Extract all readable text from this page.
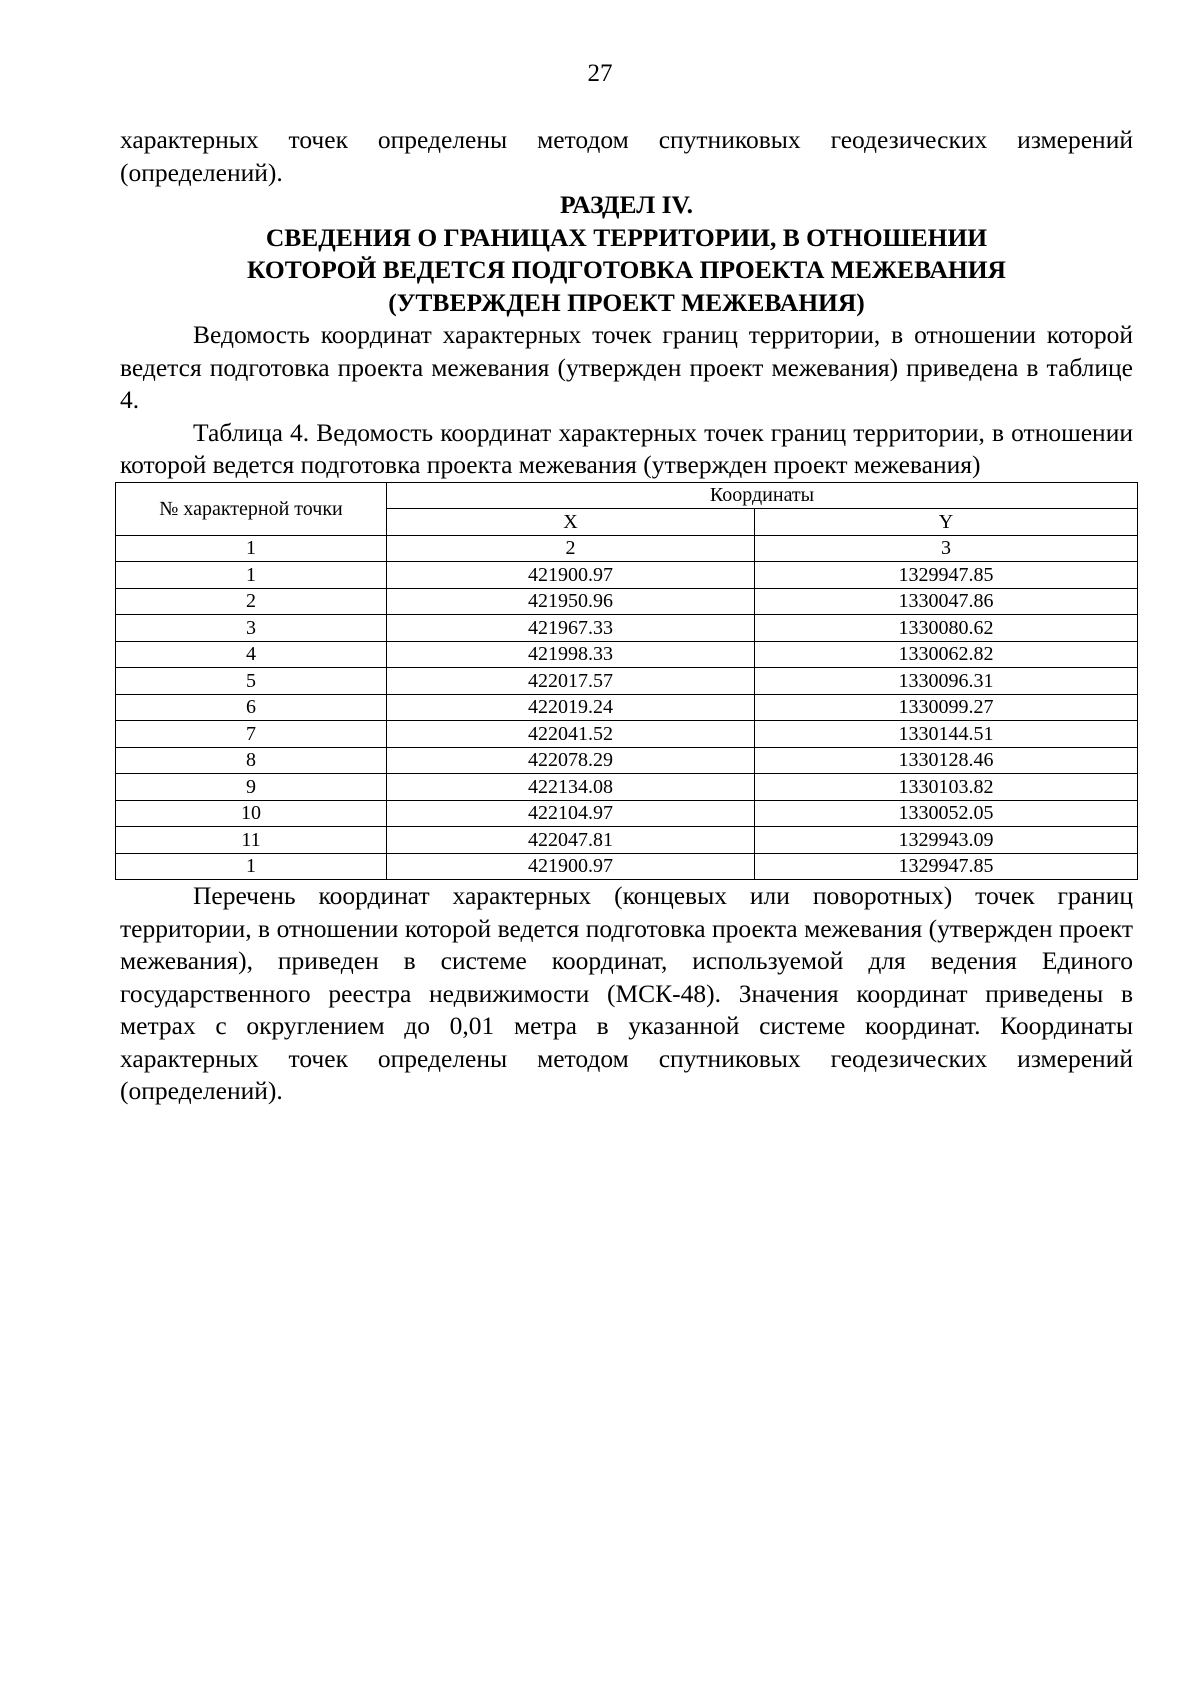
27

характерных точек определены методом спутниковых геодезических измерений (определений).

РАЗДЕЛ IV.

СВЕДЕНИЯ О ГРАНИЦАХ ТЕРРИТОРИИ, В ОТНОШЕНИИ

КОТОРОЙ ВЕДЕТСЯ ПОДГОТОВКА ПРОЕКТА МЕЖЕВАНИЯ

(УТВЕРЖДЕН ПРОЕКТ МЕЖЕВАНИЯ)

Ведомость координат характерных точек границ территории, в отношении которой ведется подготовка проекта межевания (утвержден проект межевания) приведена в таблице 4.

Таблица 4. Ведомость координат характерных точек границ территории, в отношении которой ведется подготовка проекта межевания (утвержден проект межевания)

№ характерной точки	Координаты	
	X	Y
1	2	3
1	421900.97	1329947.85
2	421950.96	1330047.86
3	421967.33	1330080.62
4	421998.33	1330062.82
5	422017.57	1330096.31
6	422019.24	1330099.27
7	422041.52	1330144.51
8	422078.29	1330128.46
9	422134.08	1330103.82
10	422104.97	1330052.05
11	422047.81	1329943.09
1	421900.97	1329947.85

Перечень координат характерных (концевых или поворотных) точек границ территории, в отношении которой ведется подготовка проекта межевания (утвержден проект межевания), приведен в системе координат, используемой для ведения Единого государственного реестра недвижимости (МСК-48). Значения координат приведены в метрах с округлением до 0,01 метра в указанной системе координат. Координаты характерных точек определены методом спутниковых геодезических измерений (определений).
